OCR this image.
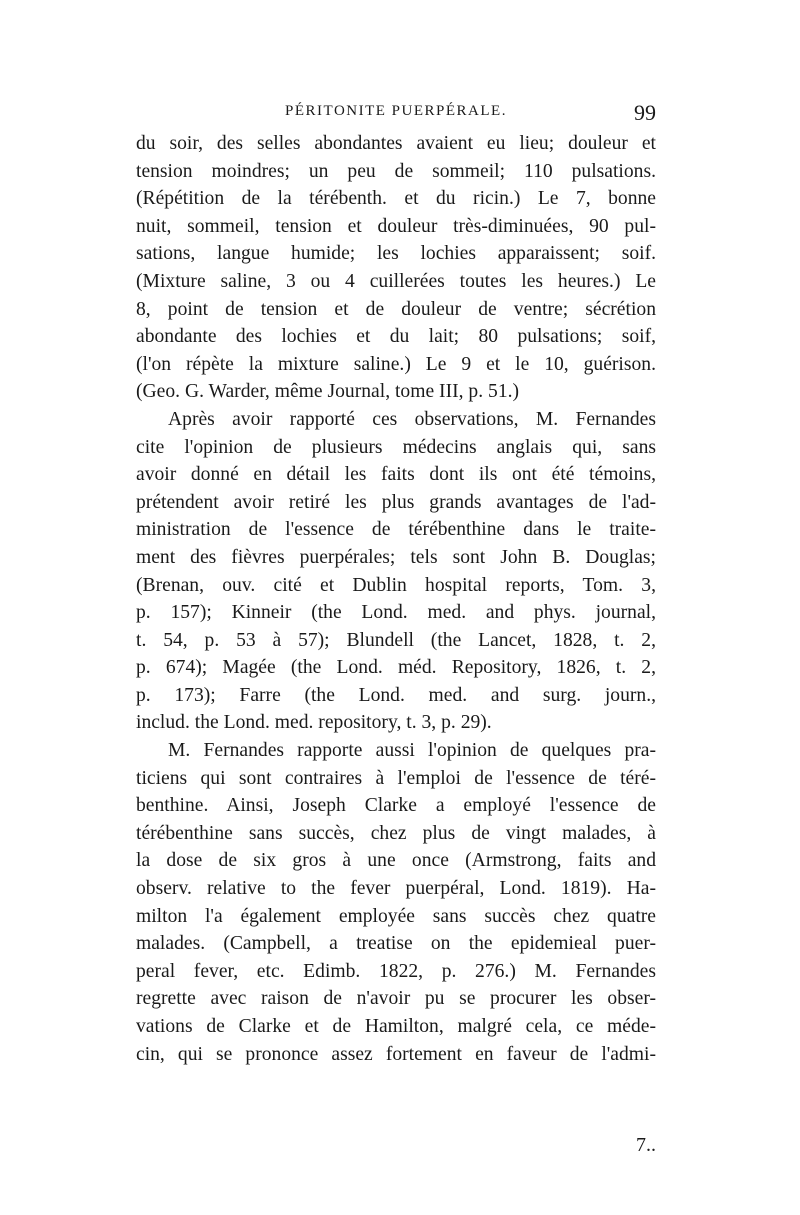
PÉRITONITE PUERPÉRALE.	99
du soir, des selles abondantes avaient eu lieu; douleur et
tension moindres; un peu de sommeil; 110 pulsations.
(Répétition de la térébenth. et du ricin.) Le 7, bonne
nuit, sommeil, tension et douleur très-diminuées, 90 pul-
sations, langue humide; les lochies apparaissent; soif.
(Mixture saline, 3 ou 4 cuillerées toutes les heures.) Le
8, point de tension et de douleur de ventre; sécrétion
abondante des lochies et du lait; 80 pulsations; soif,
(l'on répète la mixture saline.) Le 9 et le 10, guérison.
(Geo. G. Warder, même Journal, tome III, p. 51.)
Après avoir rapporté ces observations, M. Fernandes
cite l'opinion de plusieurs médecins anglais qui, sans
avoir donné en détail les faits dont ils ont été témoins,
prétendent avoir retiré les plus grands avantages de l'ad-
ministration de l'essence de térébenthine dans le traite-
ment des fièvres puerpérales; tels sont John B. Douglas;
(Brenan, ouv. cité et Dublin hospital reports, Tom. 3,
p. 157); Kinneir (the Lond. med. and phys. journal,
t. 54, p. 53 à 57); Blundell (the Lancet, 1828, t. 2,
p. 674); Magée (the Lond. méd. Repository, 1826, t. 2,
p. 173); Farre (the Lond. med. and surg. journ.,
includ. the Lond. med. repository, t. 3, p. 29).
M. Fernandes rapporte aussi l'opinion de quelques pra-
ticiens qui sont contraires à l'emploi de l'essence de téré-
benthine. Ainsi, Joseph Clarke a employé l'essence de
térébenthine sans succès, chez plus de vingt malades, à
la dose de six gros à une once (Armstrong, faits and
observ. relative to the fever puerpéral, Lond. 1819). Ha-
milton l'a également employée sans succès chez quatre
malades. (Campbell, a treatise on the epidemieal puer-
peral fever, etc. Edimb. 1822, p. 276.) M. Fernandes
regrette avec raison de n'avoir pu se procurer les obser-
vations de Clarke et de Hamilton, malgré cela, ce méde-
cin, qui se prononce assez fortement en faveur de l'admi-
7..
